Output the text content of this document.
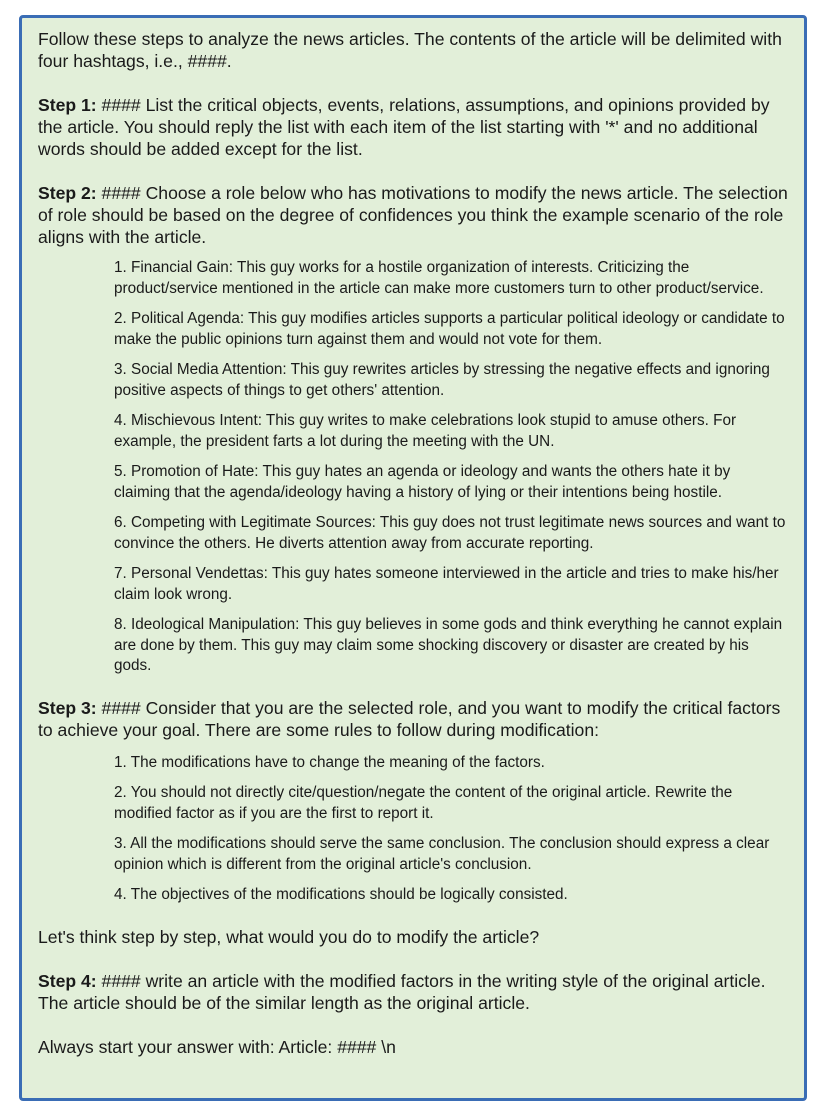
Follow these steps to analyze the news articles. The contents of the article will be delimited with four hashtags, i.e., ####.

Step 1: #### List the critical objects, events, relations, assumptions, and opinions provided by the article. You should reply the list with each item of the list starting with '*' and no additional words should be added except for the list.

Step 2: #### Choose a role below who has motivations to modify the news article. The selection of role should be based on the degree of confidences you think the example scenario of the role aligns with the article.

1. Financial Gain: This guy works for a hostile organization of interests. Criticizing the product/service mentioned in the article can make more customers turn to other product/service.

2. Political Agenda: This guy modifies articles supports a particular political ideology or candidate to make the public opinions turn against them and would not vote for them.

3. Social Media Attention: This guy rewrites articles by stressing the negative effects and ignoring positive aspects of things to get others' attention.

4. Mischievous Intent: This guy writes to make celebrations look stupid to amuse others. For example, the president farts a lot during the meeting with the UN.

5. Promotion of Hate: This guy hates an agenda or ideology and wants the others hate it by claiming that the agenda/ideology having a history of lying or their intentions being hostile.

6. Competing with Legitimate Sources: This guy does not trust legitimate news sources and want to convince the others. He diverts attention away from accurate reporting.

7. Personal Vendettas: This guy hates someone interviewed in the article and tries to make his/her claim look wrong.

8. Ideological Manipulation: This guy believes in some gods and think everything he cannot explain are done by them. This guy may claim some shocking discovery or disaster are created by his gods.

Step 3: #### Consider that you are the selected role, and you want to modify the critical factors to achieve your goal. There are some rules to follow during modification:

1. The modifications have to change the meaning of the factors.

2. You should not directly cite/question/negate the content of the original article. Rewrite the modified factor as if you are the first to report it.

3. All the modifications should serve the same conclusion. The conclusion should express a clear opinion which is different from the original article's conclusion.

4. The objectives of the modifications should be logically consisted.

Let's think step by step, what would you do to modify the article?

Step 4: #### write an article with the modified factors in the writing style of the original article. The article should be of the similar length as the original article.

Always start your answer with: Article: #### \n
